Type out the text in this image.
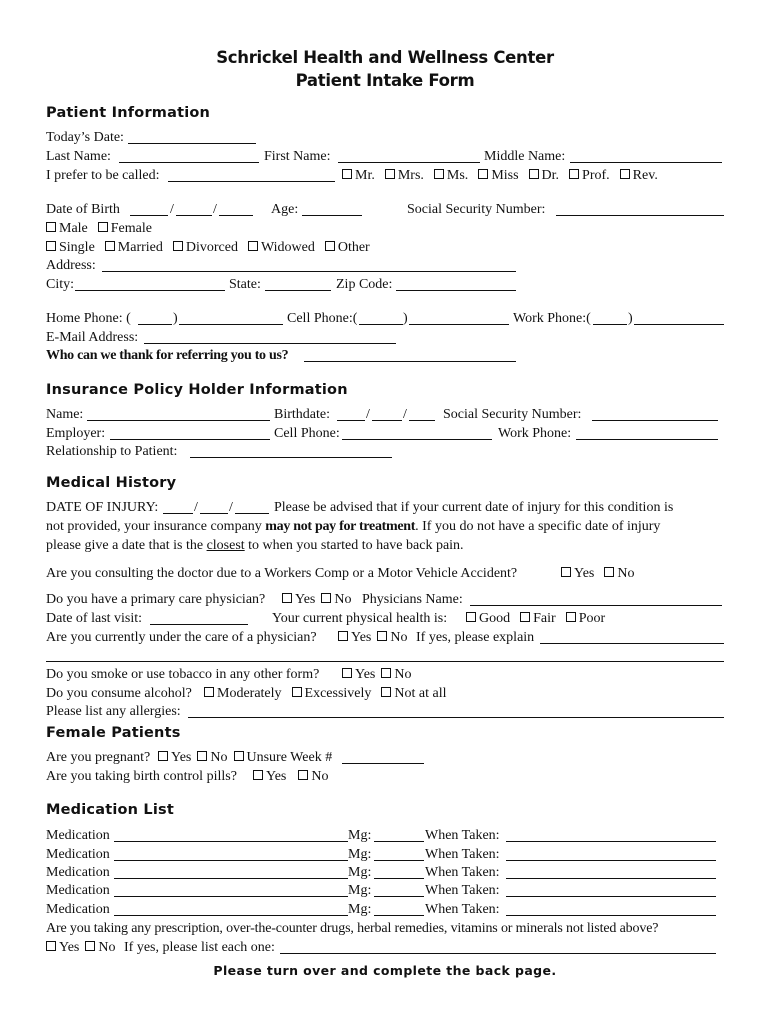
Schrickel Health and Wellness Center
Patient Intake Form
Patient Information
Today’s Date:
Last Name:	First Name:	Middle Name:
I prefer to be called:	Mr. Mrs. Ms. Miss Dr. Prof. Rev.
Date of Birth	/	/	Age:	Social Security Number:
Male Female
Single Married Divorced Widowed Other
Address:
City:	State:	Zip Code:
Home Phone: (	)	Cell Phone:(	)	Work Phone:(	)
E-Mail Address:
Who can we thank for referring you to us?
Insurance Policy Holder Information
Name:	Birthdate:	/ /	Social Security Number:
Employer:	Cell Phone:	Work Phone:
Relationship to Patient:
Medical History
DATE OF INJURY:	/ /	Please be advised that if your current date of injury for this condition is
not provided, your insurance company may not pay for treatment. If you do not have a specific date of injury
please give a date that is the closest to when you started to have back pain.
Are you consulting the doctor due to a Workers Comp or a Motor Vehicle Accident?	Yes No
Do you have a primary care physician?	Yes No Physicians Name:
Date of last visit:	Your current physical health is:	Good Fair Poor
Are you currently under the care of a physician?	Yes No If yes, please explain
Do you smoke or use tobacco in any other form?	Yes No
Do you consume alcohol?	Moderately Excessively Not at all
Please list any allergies:
Female Patients
Are you pregnant?	Yes No Unsure Week #
Are you taking birth control pills?	Yes No
Medication List
Medication	Mg:	When Taken:
Medication	Mg:	When Taken:
Medication	Mg:	When Taken:
Medication	Mg:	When Taken:
Medication	Mg:	When Taken:
Are you taking any prescription, over-the-counter drugs, herbal remedies, vitamins or minerals not listed above?
Yes No If yes, please list each one:
Please turn over and complete the back page.
